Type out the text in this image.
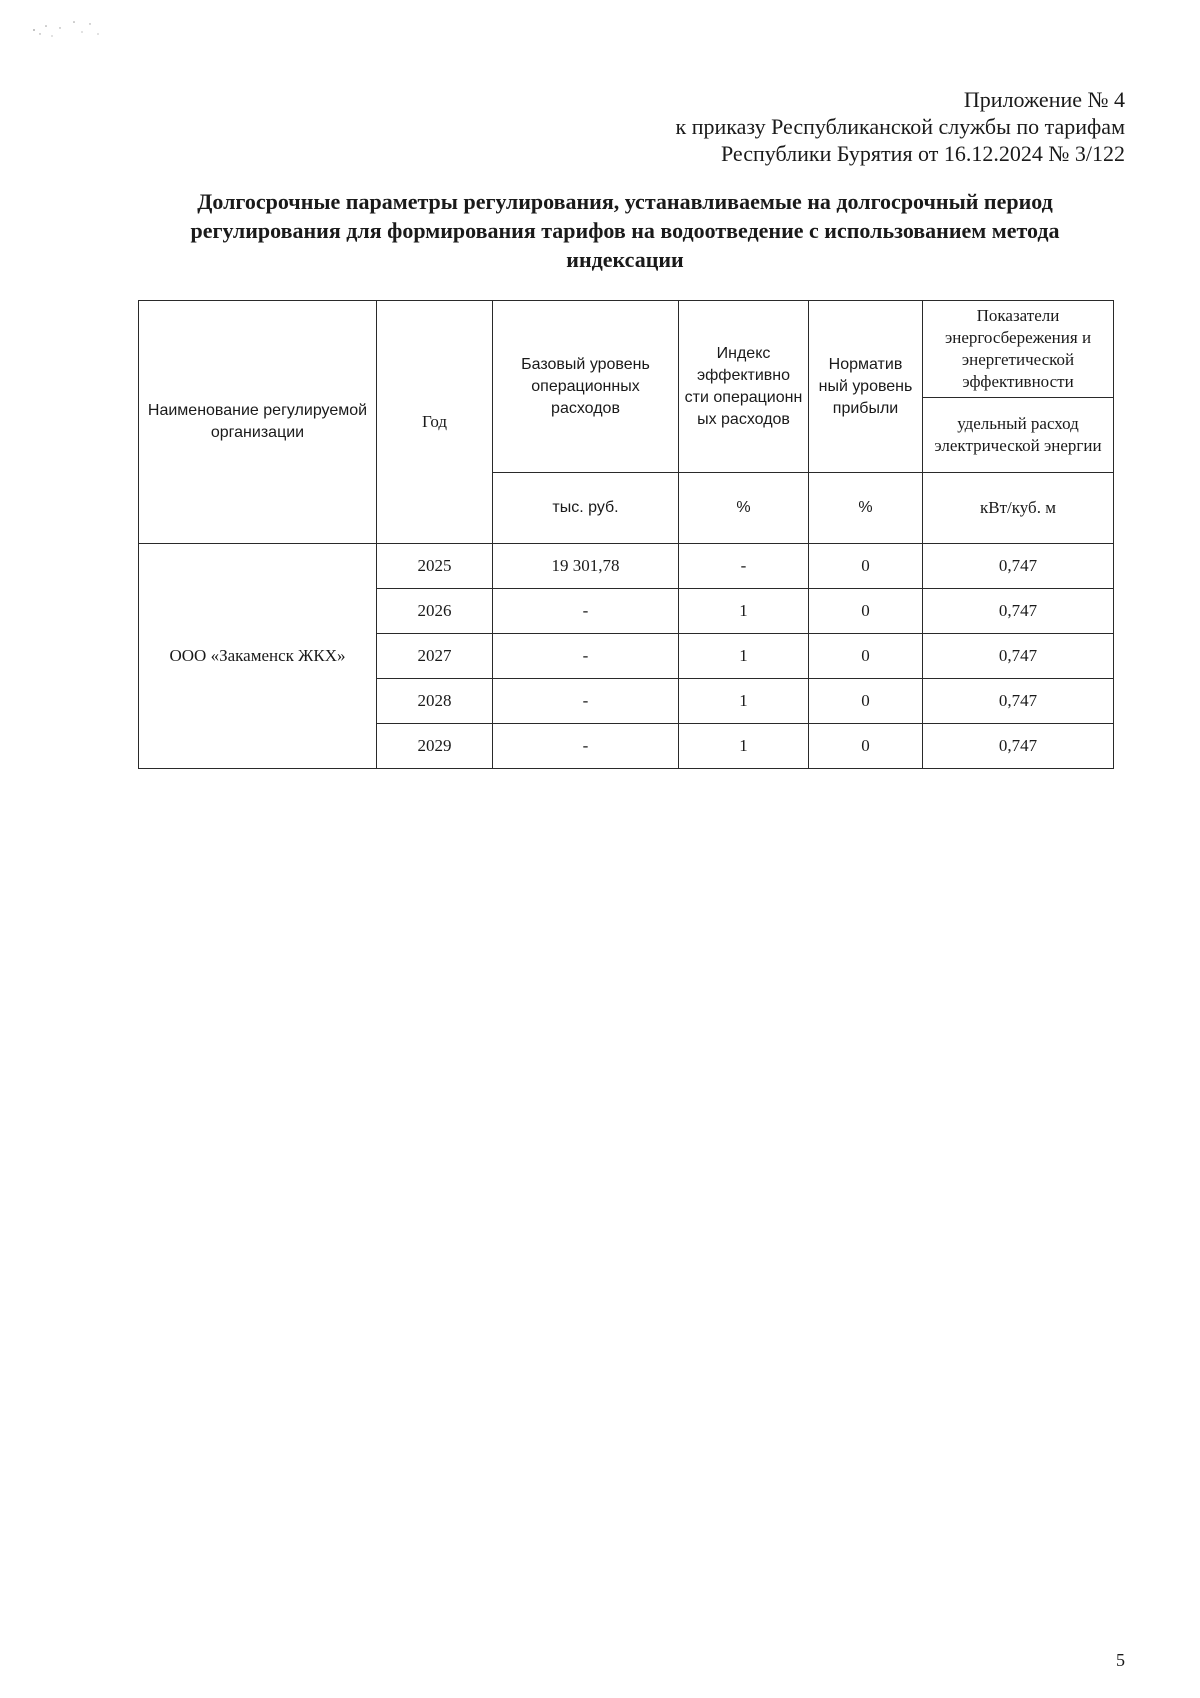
Приложение № 4
к приказу Республиканской службы по тарифам
Республики Бурятия от 16.12.2024 № 3/122
Долгосрочные параметры регулирования, устанавливаемые на долгосрочный период
регулирования для формирования тарифов на водоотведение с использованием метода
индексации
Наименование регулируемой организации	Год	Базовый уровень операционных расходов	Индекс эффективно сти операционн ых расходов	Норматив ный уровень прибыли	Показатели энергосбережения и энергетической эффективности
					удельный расход электрической энергии
		тыс. руб.	%	%	кВт/куб. м
ООО «Закаменск ЖКХ»	2025	19 301,78	-	0	0,747
	2026	-	1	0	0,747
	2027	-	1	0	0,747
	2028	-	1	0	0,747
	2029	-	1	0	0,747
5
